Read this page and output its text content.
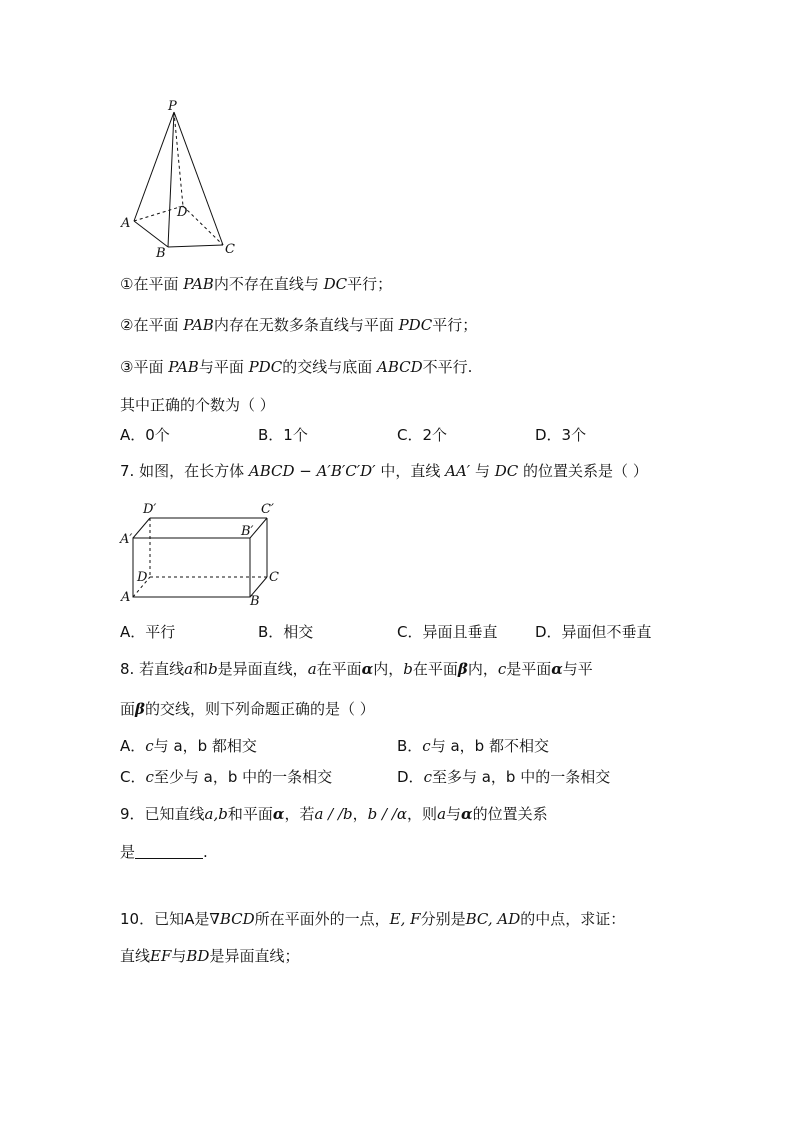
P
A
B	C
D
D′	C′
A′
B′
D	C
A	B
①在平面 PAB内不存在直线与 DC平行；
②在平面 PAB内存在无数多条直线与平面 PDC平行；
③平面 PAB与平面 PDC的交线与底面 ABCD不平行.
其中正确的个数为（ ）
A．0个	B．1个	C．2个	D．3个
7. 如图，在长方体 ABCD − A′B′C′D′ 中，直线 AA′ 与 DC 的位置关系是（ ）
A．平行	B．相交	C．异面且垂直	D．异面但不垂直
8. 若直线a和b是异面直线，a在平面α内，b在平面β内，c是平面α与平
面β的交线，则下列命题正确的是（ ）
A．c与 a，b 都相交	B．c与 a，b 都不相交
C．c至少与 a，b 中的一条相交	D．c至多与 a，b 中的一条相交
9．已知直线a,b和平面α，若a / /b，b / /α，则a与α的位置关系
是	.
10．已知A是∇BCD所在平面外的一点，E, F分别是BC, AD的中点，求证：
直线EF与BD是异面直线；
